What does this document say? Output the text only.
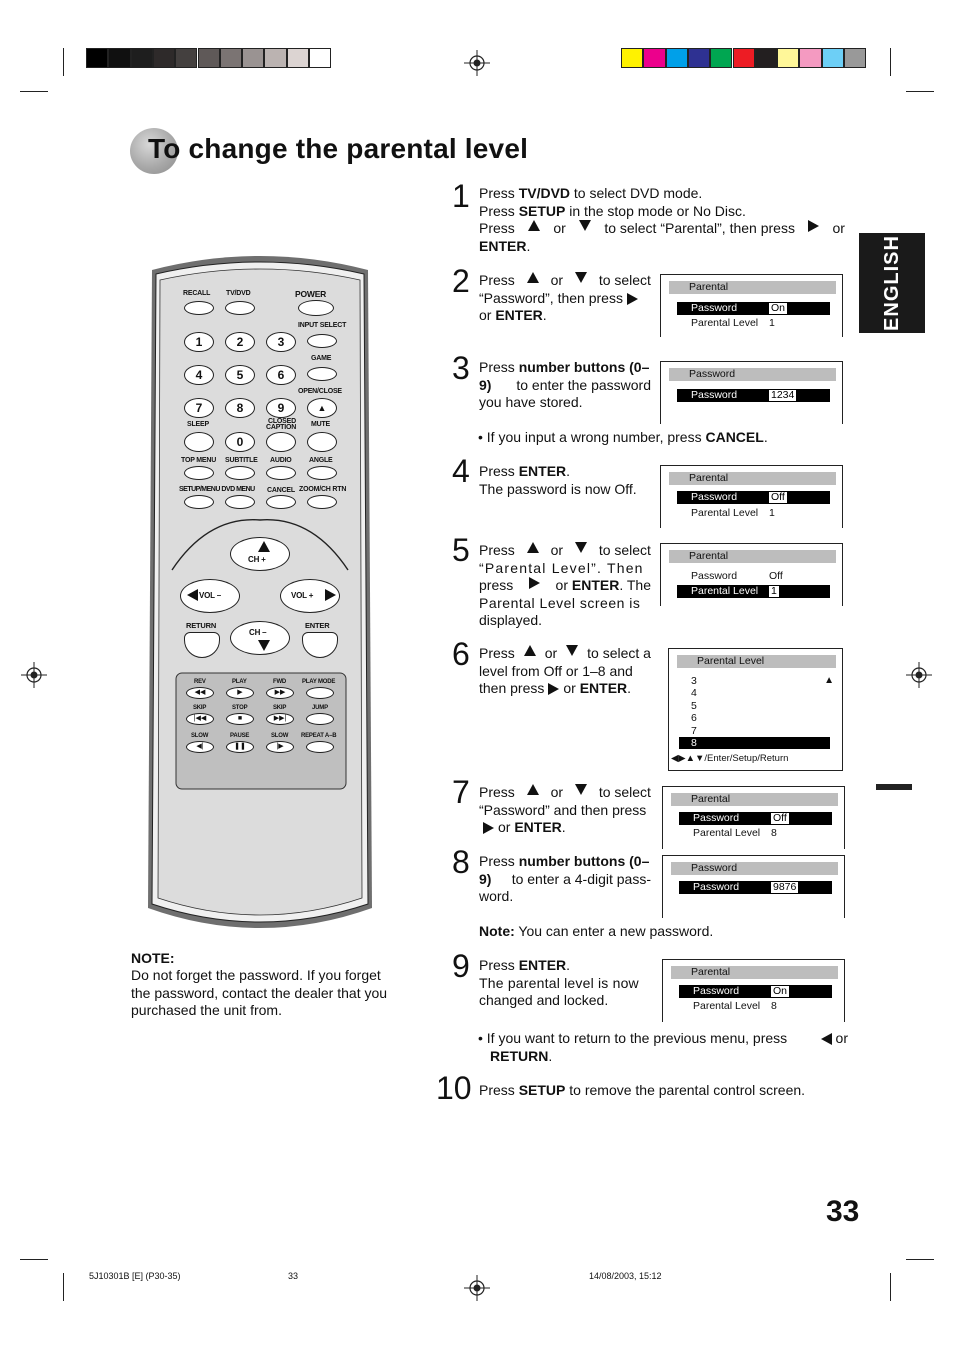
To change the parental level
ENGLISH
1
2
3
4
5
6
7
8
9
10
Press TV/DVD to select DVD mode.
Press SETUP in the stop mode or No Disc.
Press	or	to select “Parental”, then press	or
ENTER.
Press	or	to select
“Password”, then press
or ENTER.
Parental
Password	On
Parental Level 1
Press number buttons (0–
9) to enter the password
you have stored.
Password
Password	1234
• If you input a wrong number, press CANCEL.
Press ENTER.
The password is now Off.
Parental
Password	Off
Parental Level 1
Press	or	to select
“Parental Level”. Then
press	or ENTER. The
Parental Level screen is
displayed.
Parental
Password	Off
Parental Level 1
Press or to select a
level from Off or 1–8 and
then press or ENTER.
Parental Level
▲
3
4
5
6
7
8
◀▶▲▼/Enter/Setup/Return
Press	or	to select
“Password” and then press
or ENTER.
Parental
Password	Off
Parental Level 8
Press number buttons (0–
9) to enter a 4-digit pass-
word.
Password
Password	9876
Note: You can enter a new password.
Press ENTER.
The parental level is now
changed and locked.
Parental
Password	On
Parental Level 8
• If you want to return to the previous menu, press	or
RETURN.
Press SETUP to remove the parental control screen.
RECALL TV/DVD	POWER
INPUT SELECT
1	2	3
GAME
4	5	6
OPEN/CLOSE
7	8	9	▲
SLEEP	CLOSED
CAPTION MUTE
0
TOP MENU SUBTITLE AUDIO ANGLE
SETUP/MENU DVD MENU CANCEL ZOOM/CH RTN
CH +
VOL –	VOL +
CH –
RETURN	ENTER
REV	PLAY	FWD	PLAY MODE
◀◀	▶	▶▶
SKIP	STOP	SKIP	JUMP
|◀◀	■	▶▶|
SLOW	PAUSE	SLOW REPEAT A–B
◀|	❚❚	|▶
NOTE:
Do not forget the password. If you forget the password, contact the dealer that you purchased the unit from.
33
5J10301B [E] (P30-35)	33	14/08/2003, 15:12
